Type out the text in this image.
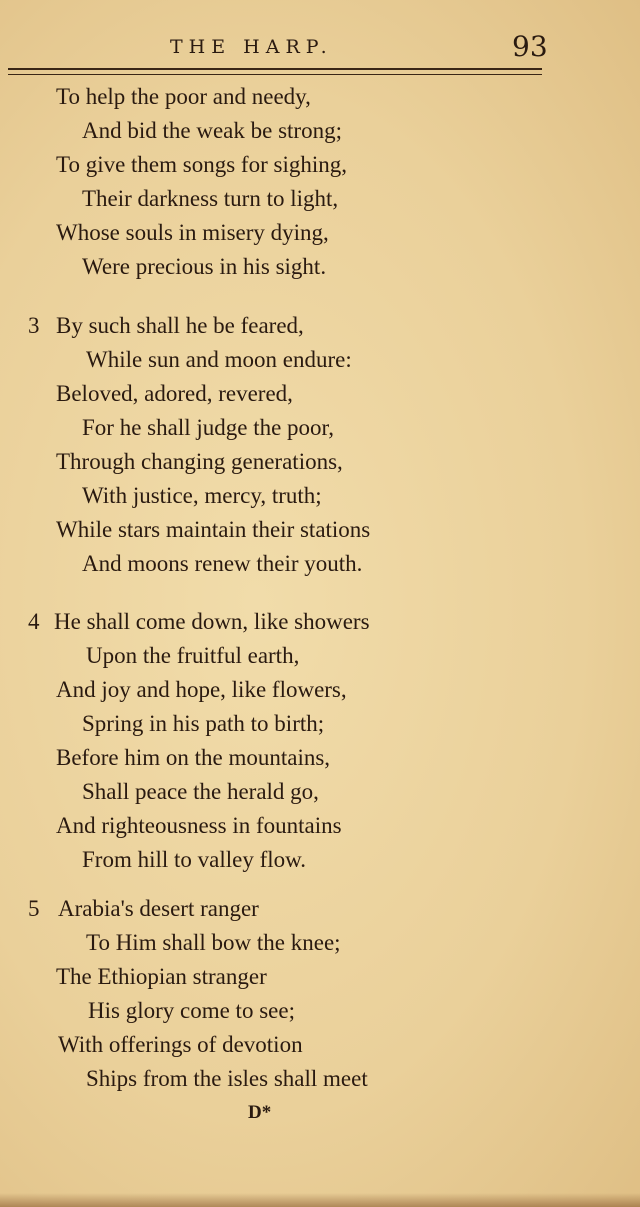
THE HARP.	93
To help the poor and needy,
And bid the weak be strong;
To give them songs for sighing,
Their darkness turn to light,
Whose souls in misery dying,
Were precious in his sight.
3 By such shall he be feared,
While sun and moon endure:
Beloved, adored, revered,
For he shall judge the poor,
Through changing generations,
With justice, mercy, truth;
While stars maintain their stations
And moons renew their youth.
4 He shall come down, like showers
Upon the fruitful earth,
And joy and hope, like flowers,
Spring in his path to birth;
Before him on the mountains,
Shall peace the herald go,
And righteousness in fountains
From hill to valley flow.
5 Arabia's desert ranger
To Him shall bow the knee;
The Ethiopian stranger
His glory come to see;
With offerings of devotion
Ships from the isles shall meet
D*
